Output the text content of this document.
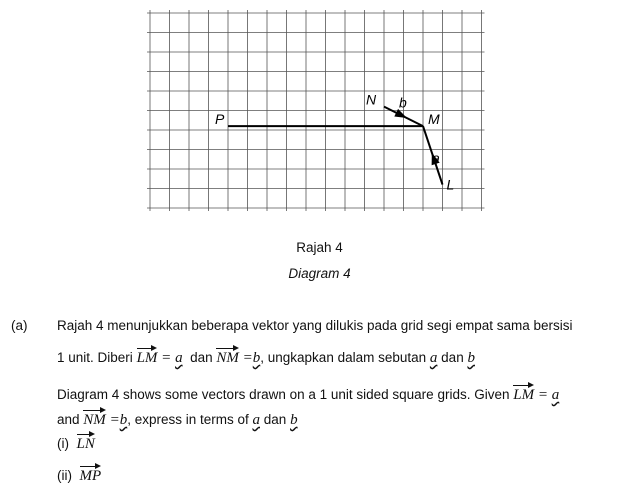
P	M
N
L
b
a
Rajah 4
Diagram 4
(a) Rajah 4 menunjukkan beberapa vektor yang dilukis pada grid segi empat sama bersisi
1 unit. Diberi LM = a dan NM =b, ungkapkan dalam sebutan a dan b
Diagram 4 shows some vectors drawn on a 1 unit sided square grids. Given LM = a
and NM =b, express in terms of a dan b
(i) LN
(ii) MP
